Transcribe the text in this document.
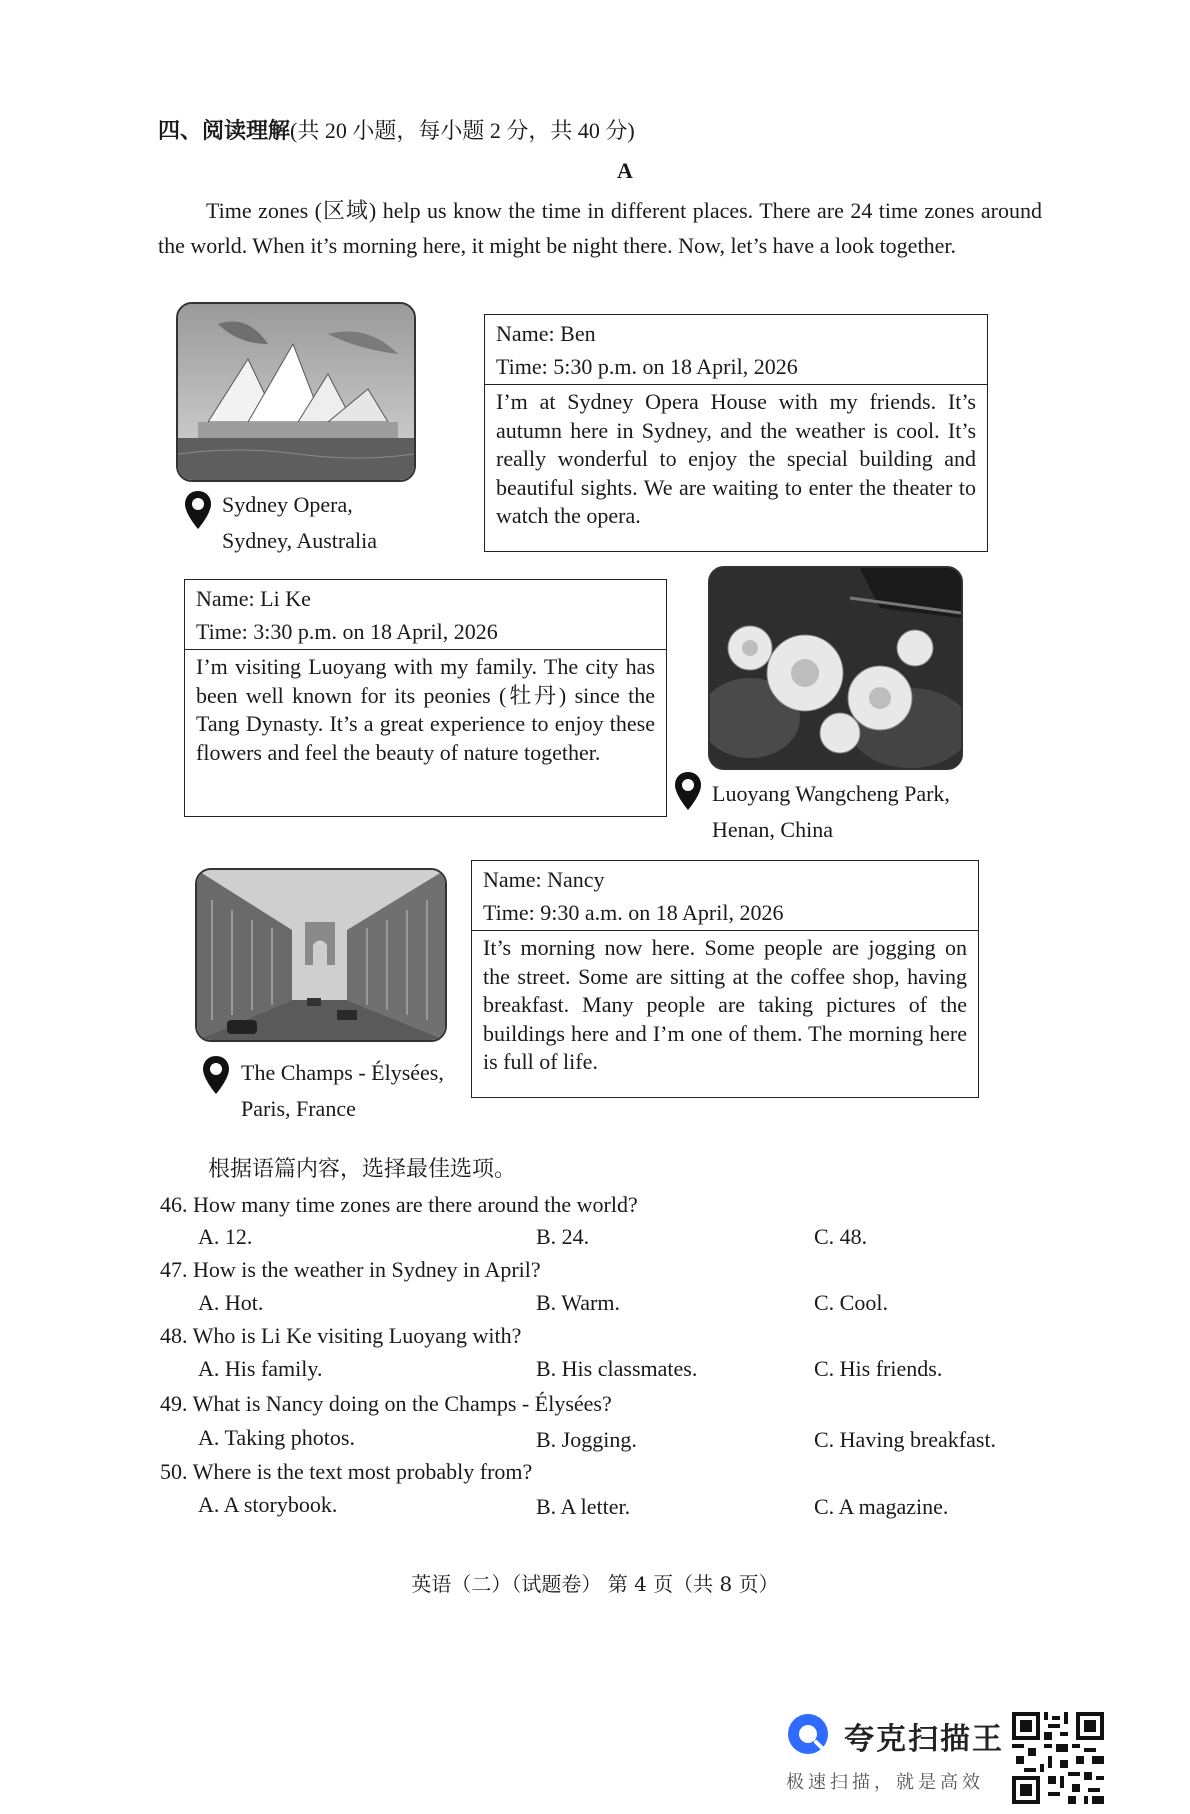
四、阅读理解(共 20 小题，每小题 2 分，共 40 分)
A
Time zones (区域) help us know the time in different places. There are 24 time zones around the world. When it’s morning here, it might be night there. Now, let’s have a look together.
Sydney Opera,
Sydney, Australia
Name: Ben
Time: 5:30 p.m. on 18 April, 2026
I’m at Sydney Opera House with my friends. It’s autumn here in Sydney, and the weather is cool. It’s really wonderful to enjoy the special building and beautiful sights. We are waiting to enter the theater to watch the opera.
Name: Li Ke
Time: 3:30 p.m. on 18 April, 2026
I’m visiting Luoyang with my family. The city has been well known for its peonies (牡丹) since the Tang Dynasty. It’s a great experience to enjoy these flowers and feel the beauty of nature together.
Luoyang Wangcheng Park,
Henan, China
The Champs - Élysées,
Paris, France
Name: Nancy
Time: 9:30 a.m. on 18 April, 2026
It’s morning now here. Some people are jogging on the street. Some are sitting at the coffee shop, having breakfast. Many people are taking pictures of the buildings here and I’m one of them. The morning here is full of life.
根据语篇内容，选择最佳选项。
46. How many time zones are there around the world?
A. 12.	B. 24.	C. 48.
47. How is the weather in Sydney in April?
A. Hot.	B. Warm.	C. Cool.
48. Who is Li Ke visiting Luoyang with?
A. His family.	B. His classmates.	C. His friends.
49. What is Nancy doing on the Champs - Élysées?
A. Taking photos.	B. Jogging.	C. Having breakfast.
50. Where is the text most probably from?
A. A storybook.	B. A letter.	C. A magazine.
英语（二）（试题卷） 第 4 页（共 8 页）
夸克扫描王
极速扫描，就是高效
